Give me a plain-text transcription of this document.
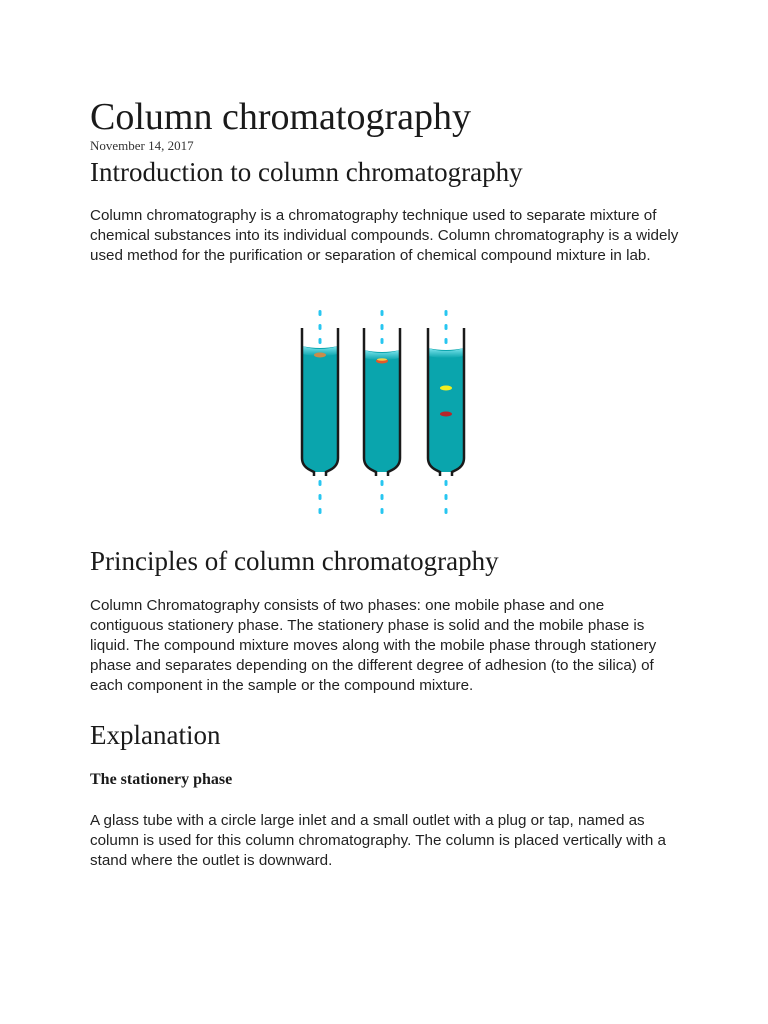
Column chromatography
November 14, 2017
Introduction to column chromatography

Column chromatography is a chromatography technique used to separate mixture of chemical substances into its individual compounds. Column chromatography is a widely used method for the purification or separation of chemical compound mixture in lab.

Principles of column chromatography

Column Chromatography consists of two phases: one mobile phase and one contiguous stationery phase. The stationery phase is solid and the mobile phase is liquid. The compound mixture moves along with the mobile phase through stationery phase and separates depending on the different degree of adhesion (to the silica) of each component in the sample or the compound mixture.

Explanation
The stationery phase

A glass tube with a circle large inlet and a small outlet with a plug or tap, named as column is used for this column chromatography. The column is placed vertically with a stand where the outlet is downward.
